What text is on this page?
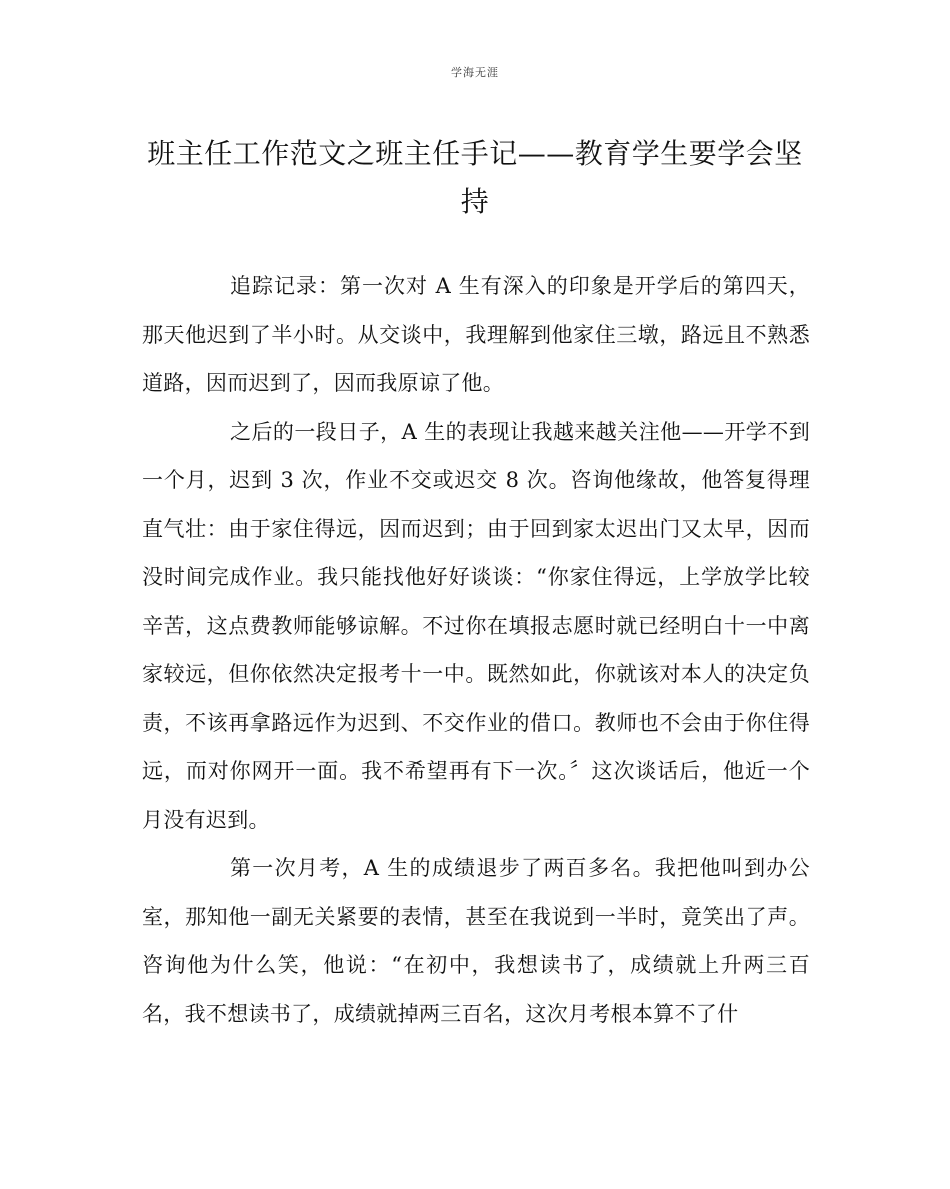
学海无涯
班主任工作范文之班主任手记——教育学生要学会坚持

追踪记录：第一次对 A 生有深入的印象是开学后的第四天，那天他迟到了半小时。从交谈中，我理解到他家住三墩，路远且不熟悉道路，因而迟到了，因而我原谅了他。

之后的一段日子，A 生的表现让我越来越关注他——开学不到一个月，迟到 3 次，作业不交或迟交 8 次。咨询他缘故，他答复得理直气壮：由于家住得远，因而迟到；由于回到家太迟出门又太早，因而没时间完成作业。我只能找他好好谈谈：“你家住得远，上学放学比较辛苦，这点费教师能够谅解。不过你在填报志愿时就已经明白十一中离家较远，但你依然决定报考十一中。既然如此，你就该对本人的决定负责，不该再拿路远作为迟到、不交作业的借口。教师也不会由于你住得远，而对你网开一面。我不希望再有下一次。〞这次谈话后，他近一个月没有迟到。

第一次月考，A 生的成绩退步了两百多名。我把他叫到办公室，那知他一副无关紧要的表情，甚至在我说到一半时，竟笑出了声。咨询他为什么笑，他说：“在初中，我想读书了，成绩就上升两三百名，我不想读书了，成绩就掉两三百名，这次月考根本算不了什
